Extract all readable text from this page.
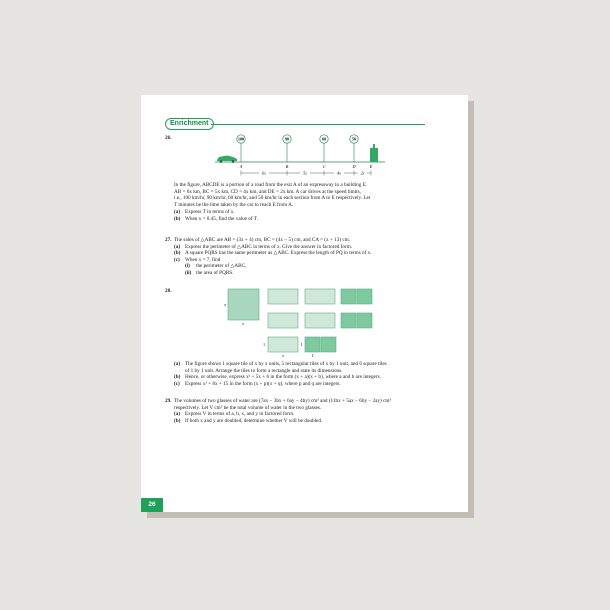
Enrichment
26.	100	90	60	50
A	B	C	D	E
6x	5x	4x	2x
In the figure, ABCDE is a portion of a road from the exit A of an expressway to a building E.
AB = 6x km, BC = 5x km, CD = 4x km, and DE = 2x km. A car drives at the speed limits,
i.e., 100 km/hr, 90 km/hr, 60 km/hr, and 50 km/hr in each section from A to E respectively. Let
T minutes be the time taken by the car to reach E from A.
(a) Express T in terms of x.
(b) When x = 0.45, find the value of T.
27. The sides of △ABC are AB = (3x + 4) cm, BC = (4x − 5) cm, and CA = (x + 13) cm.
(a) Express the perimeter of △ABC in terms of x. Give the answer in factored form.
(b) A square PQRS has the same perimeter as △ABC. Express the length of PQ in terms of x.
(c) When x = 7, find
(i) the perimeter of △ABC,
(ii) the area of PQRS.
28.
x
x
1
x
1
1
(a) The figure shows 1 square tile of x by x units, 5 rectangular tiles of x by 1 unit, and 6 square tiles
of 1 by 1 unit. Arrange the tiles to form a rectangle and state its dimensions.
(b) Hence, or otherwise, express x² + 5x + 6 in the form (x + a)(x + b), where a and b are integers.
(c) Express x² + 8x + 15 in the form (x + p)(x + q), where p and q are integers.
29. The volumes of two glasses of water are (7ax − 3bx + 6ay − 4by) cm³ and (11bx + 5ax − 6by − 2ay) cm³
respectively. Let V cm³ be the total volume of water in the two glasses.
(a) Express V in terms of a, b, x, and y in factored form.
(b) If both x and y are doubled, determine whether V will be doubled.
26
